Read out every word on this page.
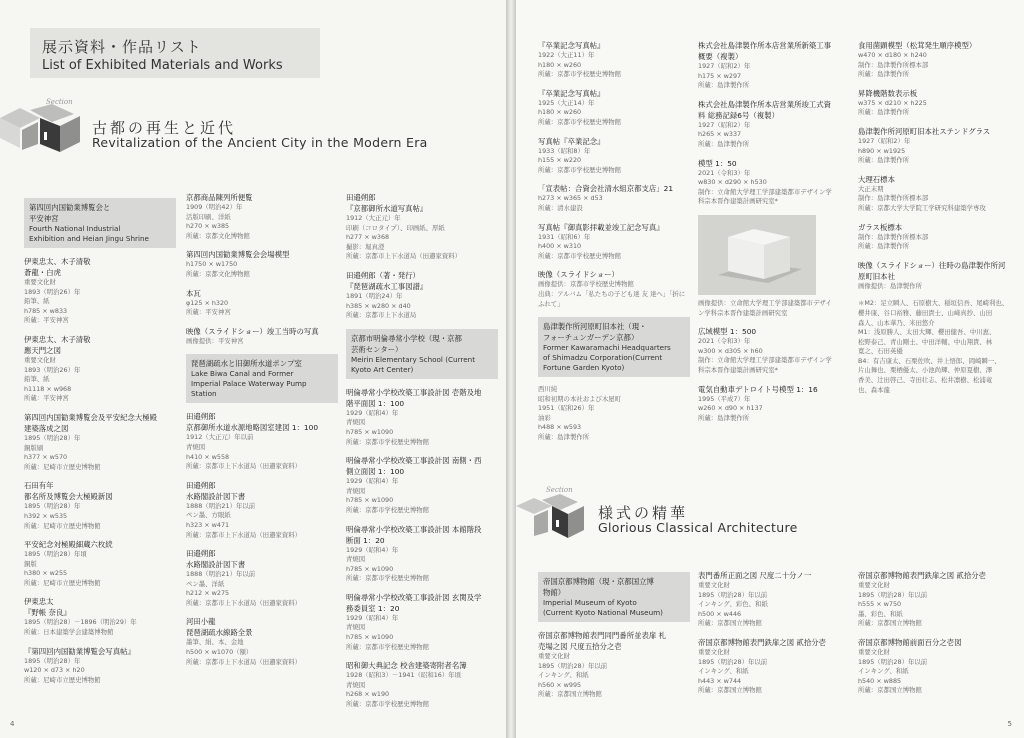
展示資料・作品リスト
List of Exhibited Materials and Works
Section
古都の再生と近代
Revitalization of the Ancient City in the Modern Era
第四回内国勧業博覧会と
平安神宮
Fourth National Industrial
Exhibition and Heian Jingu Shrine
伊東忠太、木子清敬
蒼龍・白虎
重要文化財
1893（明治26）年
鉛筆、紙
h785 × w833
所蔵：平安神宮
伊東忠太、木子清敬
應天門之図
重要文化財
1893（明治26）年
鉛筆、紙
h1118 × w968
所蔵：平安神宮
第四回内国勧業博覧会及平安紀念大極殿
建築落成之図
1895（明治28）年
銅版刷
h377 × w570
所蔵：尼崎市立歴史博物館
石田有年
都名所及博覧会大極殿新図
1895（明治28）年
h392 × w535
所蔵：尼崎市立歴史博物館
平安紀念対極殿細蔵六枚続
1895（明治28）年頃
銅版
h380 × w255
所蔵：尼崎市立歴史博物館
伊東忠太
『野帳 奈良』
1895（明治28）－1896（明治29）年
所蔵：日本建築学会建築博物館
『第四回内国勧業博覧会写真帖』
1895（明治28）年
w120 × d73 × h20
所蔵：尼崎市立歴史博物館
京都商品陳列所便覧
1909（明治42）年
活版印刷、洋紙
h270 × w385
所蔵：京都文化博物館
第四回内国勧業博覧会会場模型
h1750 × w1750
所蔵：京都文化博物館
本瓦
φ125 × h320
所蔵：平安神宮
映像（スライドショー）竣工当時の写真
画像提供：平安神宮
琵琶湖疏水と旧御所水道ポンプ室
Lake Biwa Canal and Former
Imperial Palace Waterway Pump
Station
田邉朔郎
京都御所水道水源地略図室建図 1：100
1912（大正元）年以前
青焼図
h410 × w558
所蔵：京都市上下水道局（田邉家資料）
田邉朔郎
水路閣設計図下書
1888（明治21）年以前
ペン墨、方眼紙
h323 × w471
所蔵：京都市上下水道局（田邉家資料）
田邉朔郎
水路閣設計図下書
1888（明治21）年以前
ペン墨、洋紙
h212 × w275
所蔵：京都市上下水道局（田邉家資料）
河田小龍
琵琶湖疏水線路全景
墨筆、絹、本、金地
h500 × w1070（額）
所蔵：京都市上下水道局（田邉家資料）
田邉朔郎
『京都御所水道写真帖』
1912（大正元）年
印刷（コロタイプ）、印画紙、厚紙
h277 × w368
撮影：堀真澄
所蔵：京都市上下水道局（田邉家資料）
田邉朔郎（著・発行）
『琵琶湖疏水工事図譜』
1891（明治24）年
h385 × w280 × d40
所蔵：京都市上下水道局
京都市明倫尋常小学校（現・京都
芸術センター）
Meirin Elementary School (Current
Kyoto Art Center)
明倫尋常小学校改築工事設計図 壱階及地
階平面図 1：100
1929（昭和4）年
青焼図
h785 × w1090
所蔵：京都市学校歴史博物館
明倫尋常小学校改築工事設計図 南側・西
側立面図 1：100
1929（昭和4）年
青焼図
h785 × w1090
所蔵：京都市学校歴史博物館
明倫尋常小学校改築工事設計図 本館階段
断面 1：20
1929（昭和4）年
青焼図
h785 × w1090
所蔵：京都市学校歴史博物館
明倫尋常小学校改築工事設計図 玄関及学
務委員室 1：20
1929（昭和4）年
青焼図
h785 × w1090
所蔵：京都市学校歴史博物館
昭和御大典記念 校舎建築寄附者名簿
1928（昭和3）－1941（昭和16）年頃
青焼図
h268 × w190
所蔵：京都市学校歴史博物館
4
『卒業記念写真帖』
1922（大正11）年
h180 × w260
所蔵：京都市学校歴史博物館
『卒業記念写真帖』
1925（大正14）年
h180 × w260
所蔵：京都市学校歴史博物館
写真帖『卒業記念』
1933（昭和8）年
h155 × w220
所蔵：京都市学校歴史博物館
「宣表帖：合資会社清水組京都支店」21
h273 × w365 × d53
所蔵：清水建設
写真帖『御真影拝載並竣工記念写真』
1931（昭和6）年
h400 × w310
所蔵：京都市学校歴史博物館
映像（スライドショー）
画像提供：京都市学校歴史博物館
出典：アルバム「私たちの子ども達 友 達へ」「折に
ふれて」
島津製作所河原町旧本社（現・
フォーチュンガーデン京都）
Former Kawaramachi Headquarters
of Shimadzu Corporation(Current
Fortune Garden Kyoto)
西川純
昭和初期の本社および木屋町
1951（昭和26）年
油彩
h488 × w593
所蔵：島津製作所
株式会社島津製作所本店営業所新築工事
概要（複製）
1927（昭和2）年
h175 × w297
所蔵：島津製作所
株式会社島津製作所本店営業所竣工式資
料 総務記録6号（複製）
1927（昭和2）年
h265 × w337
所蔵：島津製作所
模型 1：50
2021（令和3）年
w830 × d290 × h530
制作：立命館大学理工学部建築都市デザイン学
科宗本晋作建築計画研究室*
画像提供：立命館大学理工学部建築都市デザイ
ン学科宗本晋作建築計画研究室
広域模型 1：500
2021（令和3）年
w300 × d305 × h60
制作：立命館大学理工学部建築都市デザイン学
科宗本晋作建築計画研究室*
電気自動車デトロイト号模型 1：16
1995（平成7）年
w260 × d90 × h137
所蔵：島津製作所
食用菌顕模型（松茸発生順序模型）
w470 × d180 × h240
制作：島津製作所標本部
所蔵：島津製作所
昇降機階数表示板
w375 × d210 × h225
所蔵：島津製作所
島津製作所河原町旧本社ステンドグラス
1927（昭和2）年
h890 × w1925
所蔵：島津製作所
大理石標本
大正末期
制作：島津製作所標本部
所蔵：京都大学大学院工学研究科建築学専攻
ガラス板標本
制作：島津製作所標本部
所蔵：島津製作所
映像（スライドショー）往時の島津製作所河
原町旧本社
画像提供：島津製作所
＊M2：足立瞬人、石原樹大、稲垣信吾、尾崎利也、
櫻井康、谷口裕雅、藤田貴士、山﨑真抄、山田
森人、山本華乃、米田悠介
M1：浅原勝人、太田大輝、櫻田健吾、中川恵、
松野泰己、青山剛士、中田洋輔、中山翔貴、林
寛之、石田英優
B4：有吉康太、石栗佐吹、井上悟郎、岡崎瞬一、
片山舞也、栗栖優太、小池尚輝、仲原夏樹、澤
香美、辻田啓己、寺田壮志、松井凛樹、松浦竜
也、森本龍
Section
様式の精華
Glorious Classical Architecture
帝国京都博物館（現・京都国立博
物館）
Imperial Museum of Kyoto
(Current Kyoto National Museum)
帝国京都博物館表門同門番所並表扉 札
売場之図 尺度五拾分之壱
重要文化財
1895（明治28）年以前
インキング、和紙
h560 × w995
所蔵：京都国立博物館
表門番所正面之図 尺度二十分ノ一
重要文化財
1895（明治28）年以前
インキング、彩色、和紙
h500 × w446
所蔵：京都国立博物館
帝国京都博物館表門鉄扉之図 貳拾分壱
重要文化財
1895（明治28）年以前
インキング、和紙
h443 × w744
所蔵：京都国立博物館
帝国京都博物館表門鉄扉之図 貳拾分壱
重要文化財
1895（明治28）年以前
h555 × w750
墨、彩色、和紙
所蔵：京都国立博物館
帝国京都博物館前面百分之壱図
重要文化財
1895（明治28）年以前
インキング、和紙
h540 × w885
所蔵：京都国立博物館
5
